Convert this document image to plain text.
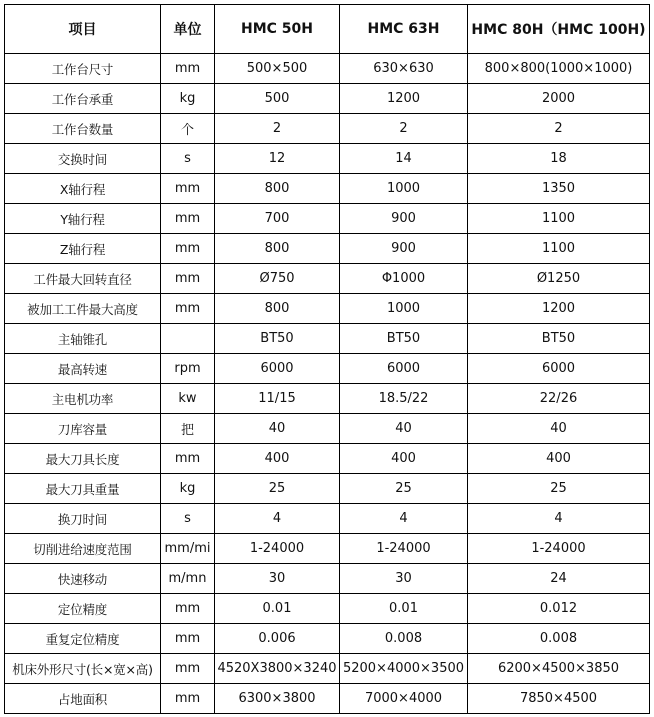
项目	单位	HMC 50H	HMC 63H	HMC 80H（HMC 100H)
工作台尺寸	mm	500×500	630×630	800×800(1000×1000)
工作台承重	kg	500	1200	2000
工作台数量	个	2	2	2
交换时间	s	12	14	18
X轴行程	mm	800	1000	1350
Y轴行程	mm	700	900	1100
Z轴行程	mm	800	900	1100
工件最大回转直径	mm	Ø750	Φ1000	Ø1250
被加工工件最大高度	mm	800	1000	1200
主轴锥孔		BT50	BT50	BT50
最高转速	rpm	6000	6000	6000
主电机功率	kw	11/15	18.5/22	22/26
刀库容量	把	40	40	40
最大刀具长度	mm	400	400	400
最大刀具重量	kg	25	25	25
换刀时间	s	4	4	4
切削进给速度范围	mm/mi	1-24000	1-24000	1-24000
快速移动	m/mn	30	30	24
定位精度	mm	0.01	0.01	0.012
重复定位精度	mm	0.006	0.008	0.008
机床外形尺寸(长×宽×高)	mm	4520X3800×3240	5200×4000×3500	6200×4500×3850
占地面积	mm	6300×3800	7000×4000	7850×4500
